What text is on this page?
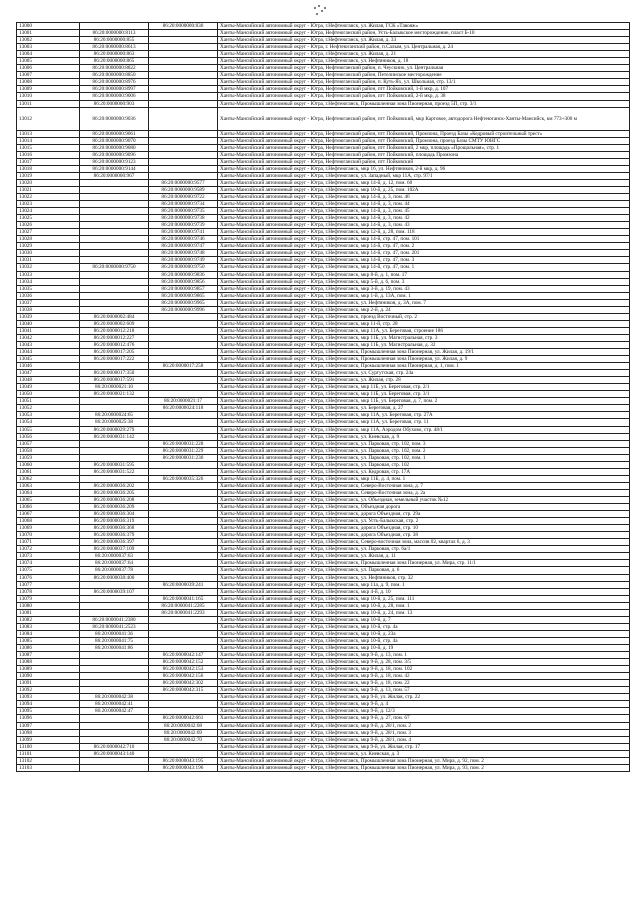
13000		86:20:0000000:830	Ханты-Мансийский автономный округ - Югра, г.Нефтеюганск, ул. Жилая, ГСК «Тавояж»
13001	86:20:0000000:8113		Ханты-Мансийский автономный округ - Югра, Нефтеюганский район, Усть-Балыкское месторождение, пласт Б-10
13002	86:20:0000000:855		Ханты-Мансийский автономный округ - Югра, г.Нефтеюганск, ул. Жилая, д. 33
13003	86:20:0000000:8613		Ханты-Мансийский автономный округ - Югра, г. Нефтеюганский район, п.Салым, ул. Центральная, д. 24
13004	86:20:0000000:863		Ханты-Мансийский автономный округ - Югра, г.Нефтеюганск, ул. Жилая, д. 21
13005	86:20:0000000:865		Ханты-Мансийский автономный округ - Югра, г.Нефтеюганск, ул. Нефтяников, д. 18
13006	86:20:0000000:8822		Ханты-Мансийский автономный округ - Югра, Нефтеюганский район, п. Чеускино, ул. Центральная
13007	86:20:0000000:8850		Ханты-Мансийский автономный округ - Югра, Нефтеюганский район, Петелинское месторождение
13008	86:20:0000000:8976		Ханты-Мансийский автономный округ - Югра, Нефтеюганский район, п. Куть-Ях, ул. Школьная, стр. 13/1
13009	86:20:0000000:8997		Ханты-Мансийский автономный округ - Югра, Нефтеюганский район, пгт Пойковский, 1-й мкр, д. 107
13010	86:20:0000000:9006		Ханты-Мансийский автономный округ - Югра, Нефтеюганский район, пгт Пойковский, 2-й мкр, д. 38
13011	86:20:0000000:903		Ханты-Мансийский автономный округ - Югра, г.Нефтеюганск, Промышленная зона Пионерная, проезд 5П, стр. 3/1
13012	86:20:0000000:9036		Ханты-Мансийский автономный округ - Югра, Нефтеюганский район, пгт Пойковский, мкр Картовое, автодорога Нефтеюганск-Ханты-Мансийск, км 773+300 м
13013	86:20:0000000:9061		Ханты-Мансийский автономный округ - Югра, Нефтеюганский район, пгт Пойковский, Промзона, Проезд Базы «Кедровый строительный трест»
13014	86:20:0000000:9070		Ханты-Мансийский автономный округ - Югра, Нефтеюганский район, пгт Пойковский, Промзона, проезд Базы СМТУ ЮНГС
13015	86:20:0000000:9080		Ханты-Мансийский автономный округ - Югра, Нефтеюганский район, пгт Пойковский, 2 мкр, площадь «Прощальная», стр. 1
13016	86:20:0000000:9096		Ханты-Мансийский автономный округ - Югра, Нефтеюганский район, пгт Пойковский, площадь Промзона
13017	86:20:0000000:9123		Ханты-Мансийский автономный округ - Югра, Нефтеюганский район, пгт Пойковский
13018	86:20:0000000:9144		Ханты-Мансийский автономный округ - Югра, г.Нефтеюганск, мкр 16, ул. Нефтяников, 2-й мкр, д. 96
13019	86:20:0000000:967		Ханты-Мансийский автономный округ - Югра, г.Нефтеюганск, ул. Западный, мкр 11А, стр. 97/1
13020		86:20:0000000:9577	Ханты-Мансийский автономный округ - Югра, г.Нефтеюганск, мкр 14-й, д. 12, пом. 60
13021		86:20:0000000:9589	Ханты-Мансийский автономный округ - Югра, г.Нефтеюганск, мкр 10-й, д. 25, пом. 102А
13022		86:20:0000000:9722	Ханты-Мансийский автономный округ - Югра, г.Нефтеюганск, мкр 14-й, д. 3, пом. 46
13023		86:20:0000000:9734	Ханты-Мансийский автономный округ - Югра, г.Нефтеюганск, мкр 14-й, д. 3, пом. 44
13024		86:20:0000000:9735	Ханты-Мансийский автономный округ - Югра, г.Нефтеюганск, мкр 14-й, д. 3, пом. 45
13025		86:20:0000000:9738	Ханты-Мансийский автономный округ - Югра, г.Нефтеюганск, мкр 14-й, д. 3, пом. 42
13026		86:20:0000000:9739	Ханты-Мансийский автономный округ - Югра, г.Нефтеюганск, мкр 14-й, д. 3, пом. 43
13027		86:20:0000000:9741	Ханты-Мансийский автономный округ - Югра, г.Нефтеюганск, мкр 12-й, д. 28, пом. 118
13028		86:20:0000000:9746	Ханты-Мансийский автономный округ - Югра, г.Нефтеюганск, мкр 14-й, стр. 47, пом. 101
13029		86:20:0000000:9747	Ханты-Мансийский автономный округ - Югра, г.Нефтеюганск, мкр 14-й, стр. 47, пом. 2
13030		86:20:0000000:9748	Ханты-Мансийский автономный округ - Югра, г.Нефтеюганск, мкр 14-й, стр. 47, пом. 201
13031		86:20:0000000:9749	Ханты-Мансийский автономный округ - Югра, г.Нефтеюганск, мкр 14-й, стр. 47, пом. 3
13032	86:20:0000000:9750	86:20:0000000:9750	Ханты-Мансийский автономный округ - Югра, г.Нефтеюганск, мкр 14-й, стр. 47, пом. 1
13033		86:20:0000000:9836	Ханты-Мансийский автономный округ - Югра, г.Нефтеюганск, мкр 8-й, д. 1, пом. 17
13034		86:20:0000000:9856	Ханты-Мансийский автономный округ - Югра, г.Нефтеюганск, мкр 5-й, д. 6, пом. 3
13035		86:20:0000000:9857	Ханты-Мансийский автономный округ - Югра, г.Нефтеюганск, мкр 3-й, д. 19, пом. 43
13036		86:20:0000000:9865	Ханты-Мансийский автономный округ - Югра, г.Нефтеюганск, мкр 1-й, д. 13А, пом. 1
13037		86:20:0000000:9965	Ханты-Мансийский автономный округ - Югра, г.Нефтеюганск, ул. Нефтяников, д. 3А, пом. 7
13038		86:20:0000000:9996	Ханты-Мансийский автономный округ - Югра, г.Нефтеюганск, мкр 2-й, д. 24
13039	86:20:0000002:484		Ханты-Мансийский автономный округ - Югра, г.Нефтеюганск, проезд Восточный, стр. 2
13040	86:20:0000002:609		Ханты-Мансийский автономный округ - Югра, г.Нефтеюганск, мкр 11-й, стр. 28
13041	86:20:0000012:218		Ханты-Мансийский автономный округ - Югра, г.Нефтеюганск, мкр 11А, ул. Береговая, строение 186
13042	86:20:0000012:227		Ханты-Мансийский автономный округ - Югра, г.Нефтеюганск, мкр 11Б, ул. Магистральная, стр. 3
13043	86:20:0000012:476		Ханты-Мансийский автономный округ - Югра, г.Нефтеюганск, мкр 11Б, ул. Магистральная, д. 32
13044	86:20:0000017:205		Ханты-Мансийский автономный округ - Югра, г.Нефтеюганск, Промышленная зона Пионерная, ул. Жилая, д. 19/1
13045	86:20:0000017:222		Ханты-Мансийский автономный округ - Югра, г.Нефтеюганск, Промышленная зона Пионерная, ул. Жилая, д. 9
13046		86:20:0000017:258	Ханты-Мансийский автономный округ - Югра, г.Нефтеюганск, Промышленная зона Пионерная, д. 1, пом. 1
13047	86:20:0000017:350		Ханты-Мансийский автономный округ - Югра, г.Нефтеюганск, ул. Сургутская, стр. 24а
13048	86:20:0000017:591		Ханты-Мансийский автономный округ - Югра, г.Нефтеюганск, ул. Жилая, стр. 28
13049	86:20:0000021:10		Ханты-Мансийский автономный округ - Югра, г.Нефтеюганск, мкр 11Б, ул. Береговая, стр. 2/1
13050	86:20:0000021:132		Ханты-Мансийский автономный округ - Югра, г.Нефтеюганск, мкр 11Б, ул. Береговая, стр. 3/1
13051		86:20:0000021:17	Ханты-Мансийский автономный округ - Югра, г.Нефтеюганск, мкр 11Б, ул. Береговая, д. 7, пом. 2
13052		86:20:0000024:118	Ханты-Мансийский автономный округ - Югра, г.Нефтеюганск, ул. Береговая, д. 27
13053	86:20:0000024:65		Ханты-Мансийский автономный округ - Югра, г.Нефтеюганск, мкр 11А, ул. Береговая, стр. 27А
13054	86:20:0000025:38		Ханты-Мансийский автономный округ - Югра, г.Нефтеюганск, мкр 11А, ул. Береговая, стр. 11
13055	86:20:0000029:279		Ханты-Мансийский автономный округ - Югра, г.Нефтеюганск, мкр 11А, Аэродом Обухово, стр. 48/1
13056	86:20:0000031:142		Ханты-Мансийский автономный округ - Югра, г.Нефтеюганск, ул. Киевская, д. 9
13057		86:20:0000031:228	Ханты-Мансийский автономный округ - Югра, г.Нефтеюганск, ул. Парковая, стр. 102, пом. 3
13058		86:20:0000031:229	Ханты-Мансийский автономный округ - Югра, г.Нефтеюганск, ул. Парковая, стр. 102, пом. 2
13059		86:20:0000031:230	Ханты-Мансийский автономный округ - Югра, г.Нефтеюганск, ул. Парковая, стр. 102, пом. 1
13060	86:20:0000031:595		Ханты-Мансийский автономный округ - Югра, г.Нефтеюганск, ул. Парковая, стр. 102
13061	86:20:0000031:522		Ханты-Мансийский автономный округ - Югра, г.Нефтеюганск, ул. Кедровая, стр. 17А
13062		86:20:0000035:326	Ханты-Мансийский автономный округ - Югра, г.Нефтеюганск, мкр 11Б, д. 4, пом. 1
13063	86:20:0000036:202		Ханты-Мансийский автономный округ - Югра, г.Нефтеюганск, Северо-Восточная зона, д. 7
13064	86:20:0000036:205		Ханты-Мансийский автономный округ - Югра, г.Нефтеюганск, Северо-Восточная зона, д. 2а
13065	86:20:0000036:208		Ханты-Мансийский автономный округ - Югра, г.Нефтеюганск, ул. Объездная, земельный участок №12
13066	86:20:0000036:209		Ханты-Мансийский автономный округ - Югра, г.Нефтеюганск, Объездная дорога
13067	86:20:0000036:304		Ханты-Мансийский автономный округ - Югра, г.Нефтеюганск, дорога Объездная, стр. 29а
13068	86:20:0000036:319		Ханты-Мансийский автономный округ - Югра, г.Нефтеюганск, ул. Усть-Балыкская, стр. 2
13069	86:20:0000036:368		Ханты-Мансийский автономный округ - Югра, г.Нефтеюганск, дорога Объездная, стр. 10
13070	86:20:0000036:379		Ханты-Мансийский автономный округ - Югра, г.Нефтеюганск, дорога Объездная, стр. 38
13071	86:20:0000036:397		Ханты-Мансийский автономный округ - Югра, г.Нефтеюганск, Северо-восточная зона, массив 02, квартал 6, д. 3
13072	86:20:0000037:109		Ханты-Мансийский автономный округ - Югра, г.Нефтеюганск, ул. Парковая, стр. 6а/1
13073	86:20:0000037:63		Ханты-Мансийский автономный округ - Югра, г.Нефтеюганск, ул. Жилая, д. 11
13074	86:20:0000037:64		Ханты-Мансийский автономный округ - Югра, г.Нефтеюганск, Промышленная зона Пионерная, ул. Мира, стр. 11/1
13075	86:20:0000037:78		Ханты-Мансийский автономный округ - Югра, г.Нефтеюганск, ул. Парковая, д. 6
13076	86:20:0000038:400		Ханты-Мансийский автономный округ - Югра, г.Нефтеюганск, ул. Нефтяников, стр. 32
13077		86:20:0000039:241	Ханты-Мансийский автономный округ - Югра, г.Нефтеюганск, мкр 11а, д. 9, пом. 1
13078	86:20:0000039:107		Ханты-Мансийский автономный округ - Югра, г.Нефтеюганск, мкр 4-й, д. 10
13079		86:20:0000041:165	Ханты-Мансийский автономный округ - Югра, г.Нефтеюганск, мкр 10-й, д. 25, пом. 111
13080		86:20:0000041:2285	Ханты-Мансийский автономный округ - Югра, г.Нефтеюганск, мкр 10-й, д. 28, пом. 1
13081		86:20:0000041:2293	Ханты-Мансийский автономный округ - Югра, г.Нефтеюганск, мкр 10-й, д. 24, пом. 13
13082	86:20:0000041:2380		Ханты-Мансийский автономный округ - Югра, г.Нефтеюганск, мкр 10-й, д. 7
13083	86:20:0000041:2523		Ханты-Мансийский автономный округ - Югра, г.Нефтеюганск, мкр 10-й, стр. 4а
13084	86:20:0000041:36		Ханты-Мансийский автономный округ - Югра, г.Нефтеюганск, мкр 10-й, д. 23а
13085	86:20:0000041:75		Ханты-Мансийский автономный округ - Югра, г.Нефтеюганск, мкр 10-й, стр. 4а
13086	86:20:0000041:86		Ханты-Мансийский автономный округ - Югра, г.Нефтеюганск, мкр 10-й, д. 19
13087		86:20:0000042:147	Ханты-Мансийский автономный округ - Югра, г.Нефтеюганск, мкр 9-й, д. 13, пом. 1
13088		86:20:0000042:152	Ханты-Мансийский автономный округ - Югра, г.Нефтеюганск, мкр 9-й, д. 28, пом. 3/5
13089		86:20:0000042:153	Ханты-Мансийский автономный округ - Югра, г.Нефтеюганск, мкр 9-й, д. 18, пом. 102
13090		86:20:0000042:156	Ханты-Мансийский автономный округ - Югра, г.Нефтеюганск, мкр 9-й, д. 18, пом. 42
13091		86:20:0000042:302	Ханты-Мансийский автономный округ - Югра, г.Нефтеюганск, мкр 9-й, д. 18, пом. 22
13092		86:20:0000042:315	Ханты-Мансийский автономный округ - Югра, г.Нефтеюганск, мкр 9-й, д. 13, пом. 57
13093	86:20:0000042:38		Ханты-Мансийский автономный округ - Югра, г.Нефтеюганск, мкр 9-й, ул. Жилая, стр. 22
13094	86:20:0000042:41		Ханты-Мансийский автономный округ - Югра, г.Нефтеюганск, мкр 9-й, д. 4
13095	86:20:0000042:47		Ханты-Мансийский автономный округ - Югра, г.Нефтеюганск, мкр 9-й, д. 12/3
13096		86:20:0000042:661	Ханты-Мансийский автономный округ - Югра, г.Нефтеюганск, мкр 9-й, д. 27, пом. 67
13097		86:20:0000042:68	Ханты-Мансийский автономный округ - Югра, г.Нефтеюганск, мкр 9-й, д. 28/1, пом. 2
13098		86:20:0000042:69	Ханты-Мансийский автономный округ - Югра, г.Нефтеюганск, мкр 9-й, д. 28/1, пом. 3
13099		86:20:0000042:70	Ханты-Мансийский автономный округ - Югра, г.Нефтеюганск, мкр 9-й, д. 28/1, пом. 4
13100	86:20:0000042:710		Ханты-Мансийский автономный округ - Югра, г.Нефтеюганск, мкр 9-й, ул. Жилая, стр. 17
13101	86:20:0000043:140		Ханты-Мансийский автономный округ - Югра, г.Нефтеюганск, ул. Киевская, д. 3
13102		86:20:0000043:195	Ханты-Мансийский автономный округ - Югра, г.Нефтеюганск, Промышленная зона Пионерная, ул. Мира, д. 92, пом. 2
13103		86:20:0000043:196	Ханты-Мансийский автономный округ - Югра, г.Нефтеюганск, Промышленная зона Пионерная, ул. Мира, д. 93, пом. 2
